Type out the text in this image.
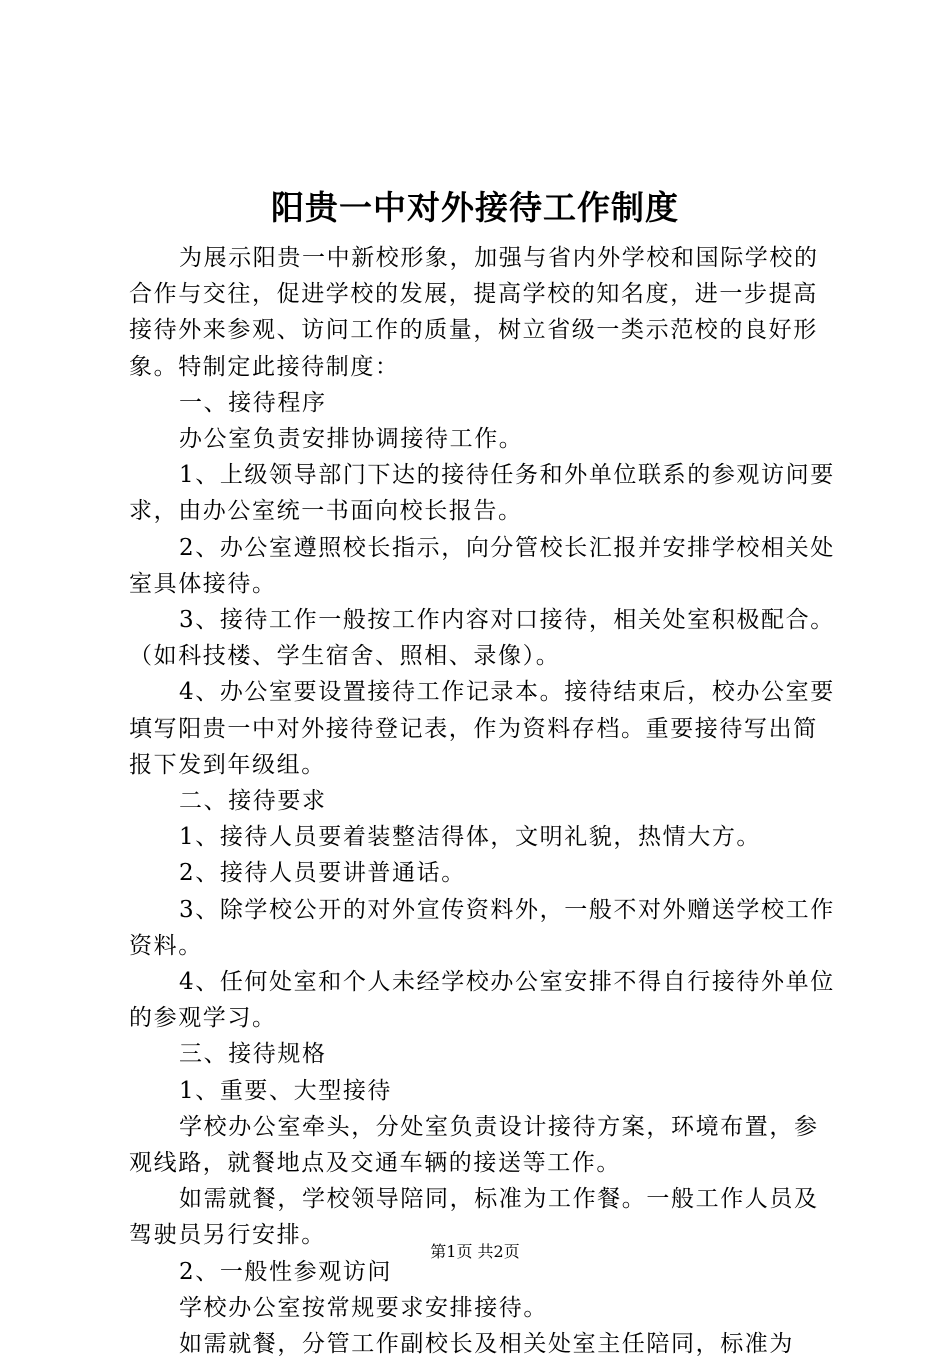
阳贵一中对外接待工作制度

为展示阳贵一中新校形象，加强与省内外学校和国际学校的合作与交往，促进学校的发展，提高学校的知名度，进一步提高接待外来参观、访问工作的质量，树立省级一类示范校的良好形象。特制定此接待制度：

一、接待程序

办公室负责安排协调接待工作。

1、上级领导部门下达的接待任务和外单位联系的参观访问要求，由办公室统一书面向校长报告。

2、办公室遵照校长指示，向分管校长汇报并安排学校相关处室具体接待。

3、接待工作一般按工作内容对口接待，相关处室积极配合。（如科技楼、学生宿舍、照相、录像）。

4、办公室要设置接待工作记录本。接待结束后，校办公室要填写阳贵一中对外接待登记表，作为资料存档。重要接待写出简报下发到年级组。

二、接待要求

1、接待人员要着装整洁得体，文明礼貌，热情大方。

2、接待人员要讲普通话。

3、除学校公开的对外宣传资料外，一般不对外赠送学校工作资料。

4、任何处室和个人未经学校办公室安排不得自行接待外单位的参观学习。

三、接待规格

1、重要、大型接待

学校办公室牵头，分处室负责设计接待方案，环境布置，参观线路，就餐地点及交通车辆的接送等工作。

如需就餐，学校领导陪同，标准为工作餐。一般工作人员及驾驶员另行安排。

2、一般性参观访问

学校办公室按常规要求安排接待。

如需就餐，分管工作副校长及相关处室主任陪同，标准为

第1页 共2页
